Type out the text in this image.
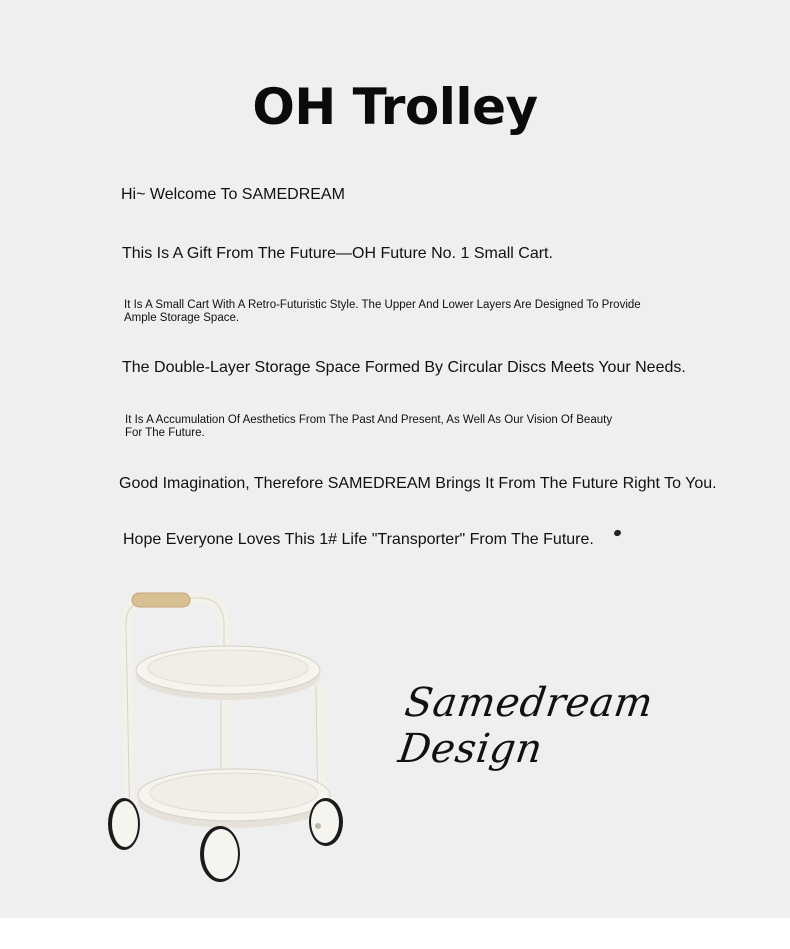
OH Trolley
Hi~ Welcome To SAMEDREAM
This Is A Gift From The Future—OH Future No. 1 Small Cart.
It Is A Small Cart With A Retro-Futuristic Style. The Upper And Lower Layers Are Designed To Provide Ample Storage Space.
The Double-Layer Storage Space Formed By Circular Discs Meets Your Needs.
It Is A Accumulation Of Aesthetics From The Past And Present, As Well As Our Vision Of Beauty For The Future.
Good Imagination, Therefore SAMEDREAM Brings It From The Future Right To You.
Hope Everyone Loves This 1# Life "Transporter" From The Future.
Samedream Design
